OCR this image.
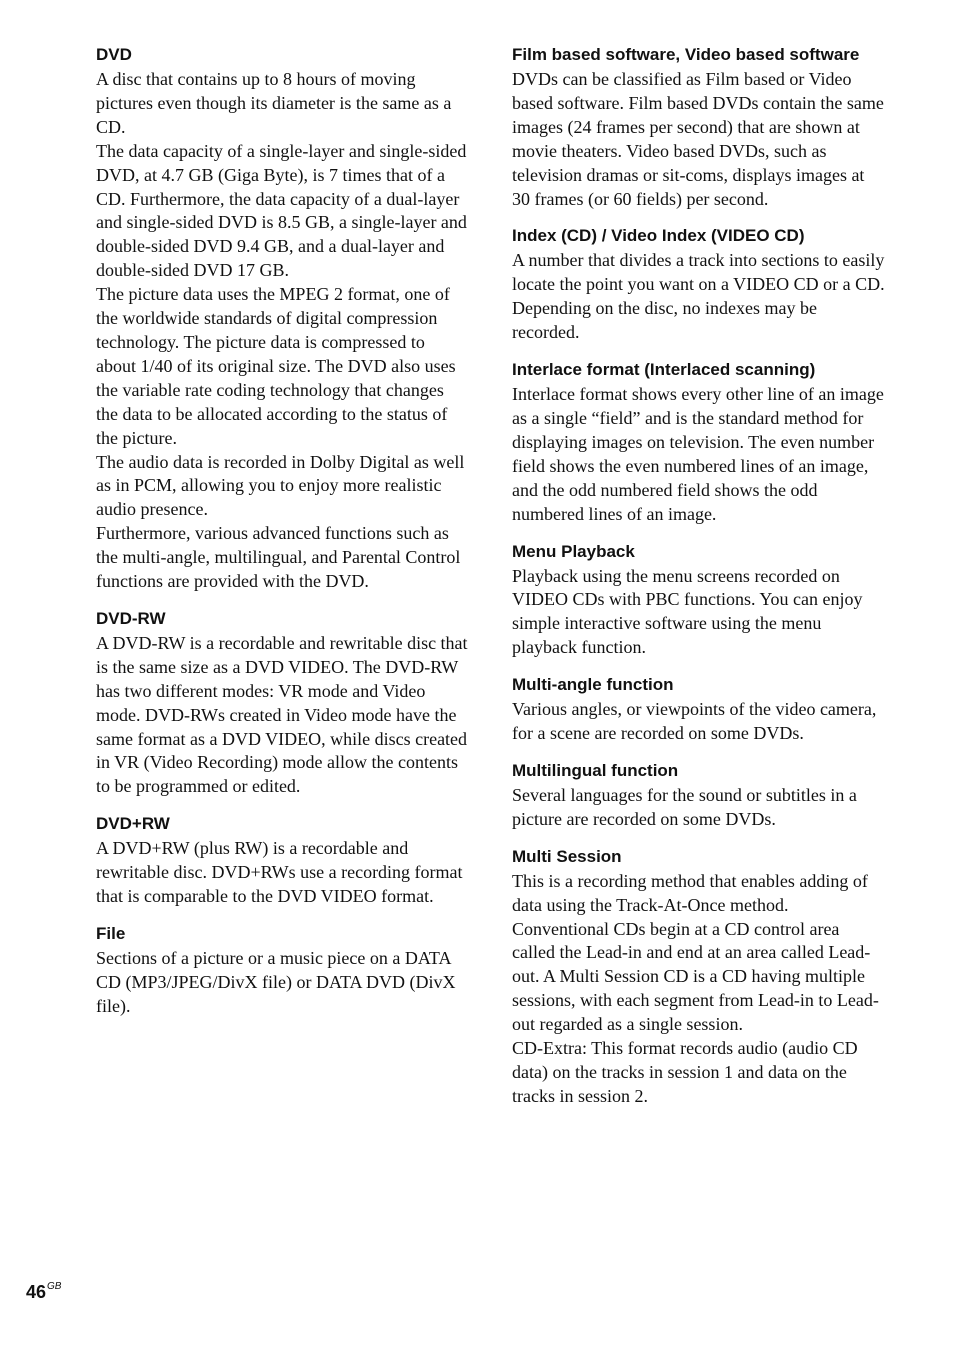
DVD

A disc that contains up to 8 hours of moving pictures even though its diameter is the same as a CD.

The data capacity of a single-layer and single-sided DVD, at 4.7 GB (Giga Byte), is 7 times that of a CD. Furthermore, the data capacity of a dual-layer and single-sided DVD is 8.5 GB, a single-layer and double-sided DVD 9.4 GB, and a dual-layer and double-sided DVD 17 GB.

The picture data uses the MPEG 2 format, one of the worldwide standards of digital compression technology. The picture data is compressed to about 1/40 of its original size. The DVD also uses the variable rate coding technology that changes the data to be allocated according to the status of the picture.

The audio data is recorded in Dolby Digital as well as in PCM, allowing you to enjoy more realistic audio presence.

Furthermore, various advanced functions such as the multi-angle, multilingual, and Parental Control functions are provided with the DVD.

DVD-RW

A DVD-RW is a recordable and rewritable disc that is the same size as a DVD VIDEO. The DVD-RW has two different modes: VR mode and Video mode. DVD-RWs created in Video mode have the same format as a DVD VIDEO, while discs created in VR (Video Recording) mode allow the contents to be programmed or edited.

DVD+RW

A DVD+RW (plus RW) is a recordable and rewritable disc. DVD+RWs use a recording format that is comparable to the DVD VIDEO format.

File

Sections of a picture or a music piece on a DATA CD (MP3/JPEG/DivX file) or DATA DVD (DivX file).

Film based software, Video based software

DVDs can be classified as Film based or Video based software. Film based DVDs contain the same images (24 frames per second) that are shown at movie theaters. Video based DVDs, such as television dramas or sit-coms, displays images at 30 frames (or 60 fields) per second.

Index (CD) / Video Index (VIDEO CD)

A number that divides a track into sections to easily locate the point you want on a VIDEO CD or a CD. Depending on the disc, no indexes may be recorded.

Interlace format (Interlaced scanning)

Interlace format shows every other line of an image as a single “field” and is the standard method for displaying images on television. The even number field shows the even numbered lines of an image, and the odd numbered field shows the odd numbered lines of an image.

Menu Playback

Playback using the menu screens recorded on VIDEO CDs with PBC functions. You can enjoy simple interactive software using the menu playback function.

Multi-angle function

Various angles, or viewpoints of the video camera, for a scene are recorded on some DVDs.

Multilingual function

Several languages for the sound or subtitles in a picture are recorded on some DVDs.

Multi Session

This is a recording method that enables adding of data using the Track-At-Once method. Conventional CDs begin at a CD control area called the Lead-in and end at an area called Lead-out. A Multi Session CD is a CD having multiple sessions, with each segment from Lead-in to Lead-out regarded as a single session.

CD-Extra: This format records audio (audio CD data) on the tracks in session 1 and data on the tracks in session 2.

$46^{GB}$
